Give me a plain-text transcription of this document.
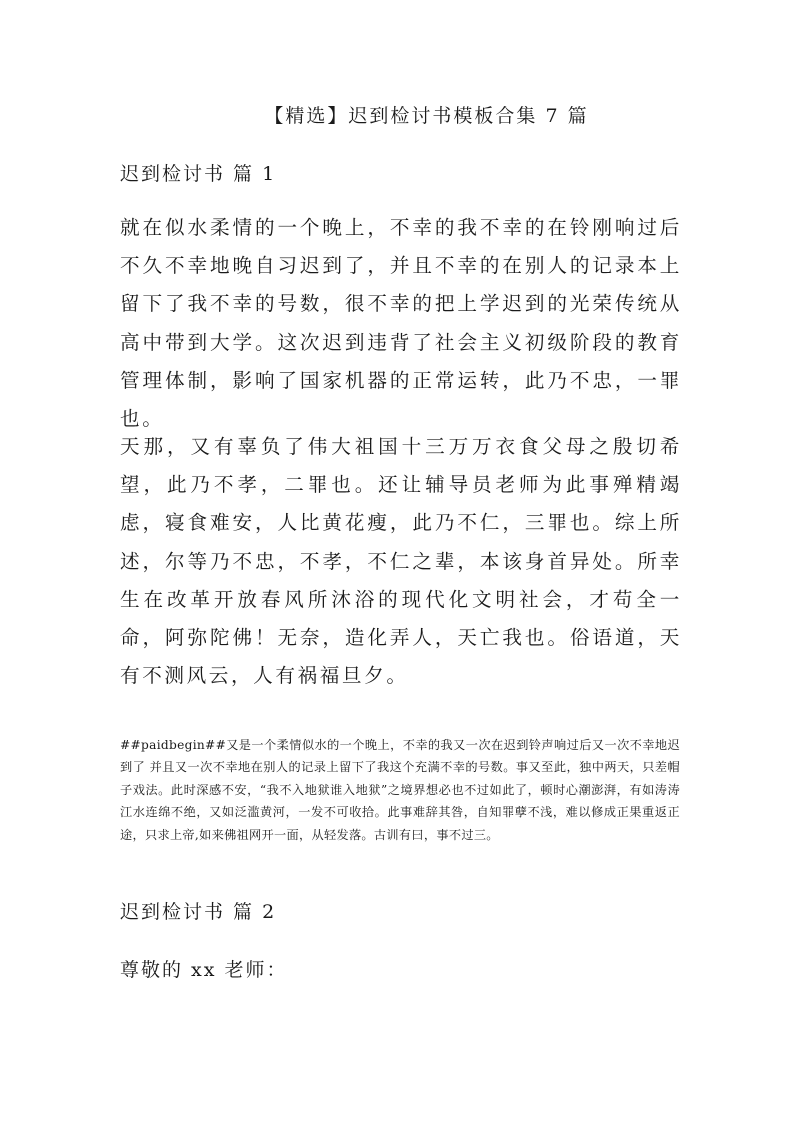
【精选】迟到检讨书模板合集 7 篇
迟到检讨书 篇 1
就在似水柔情的一个晚上，不幸的我不幸的在铃刚响过后不久不幸地晚自习迟到了，并且不幸的在别人的记录本上留下了我不幸的号数，很不幸的把上学迟到的光荣传统从高中带到大学。这次迟到违背了社会主义初级阶段的教育管理体制，影响了国家机器的正常运转，此乃不忠，一罪也。
天那，又有辜负了伟大祖国十三万万衣食父母之殷切希望，此乃不孝，二罪也。还让辅导员老师为此事殚精竭虑，寝食难安，人比黄花瘦，此乃不仁，三罪也。综上所述，尔等乃不忠，不孝，不仁之辈，本该身首异处。所幸生在改革开放春风所沐浴的现代化文明社会，才苟全一命，阿弥陀佛！无奈，造化弄人，天亡我也。俗语道，天有不测风云，人有祸福旦夕。
##paidbegin##又是一个柔情似水的一个晚上，不幸的我又一次在迟到铃声响过后又一次不幸地迟到了 并且又一次不幸地在别人的记录上留下了我这个充满不幸的号数。事又至此，独中两天，只差帽子戏法。此时深感不安，“我不入地狱谁入地狱”之境界想必也不过如此了，顿时心潮澎湃，有如涛涛江水连绵不绝，又如泛滥黄河，一发不可收拾。此事难辞其咎，自知罪孽不浅，难以修成正果重返正途，只求上帝,如来佛祖网开一面，从轻发落。古训有曰，事不过三。
迟到检讨书 篇 2
尊敬的 xx 老师：
